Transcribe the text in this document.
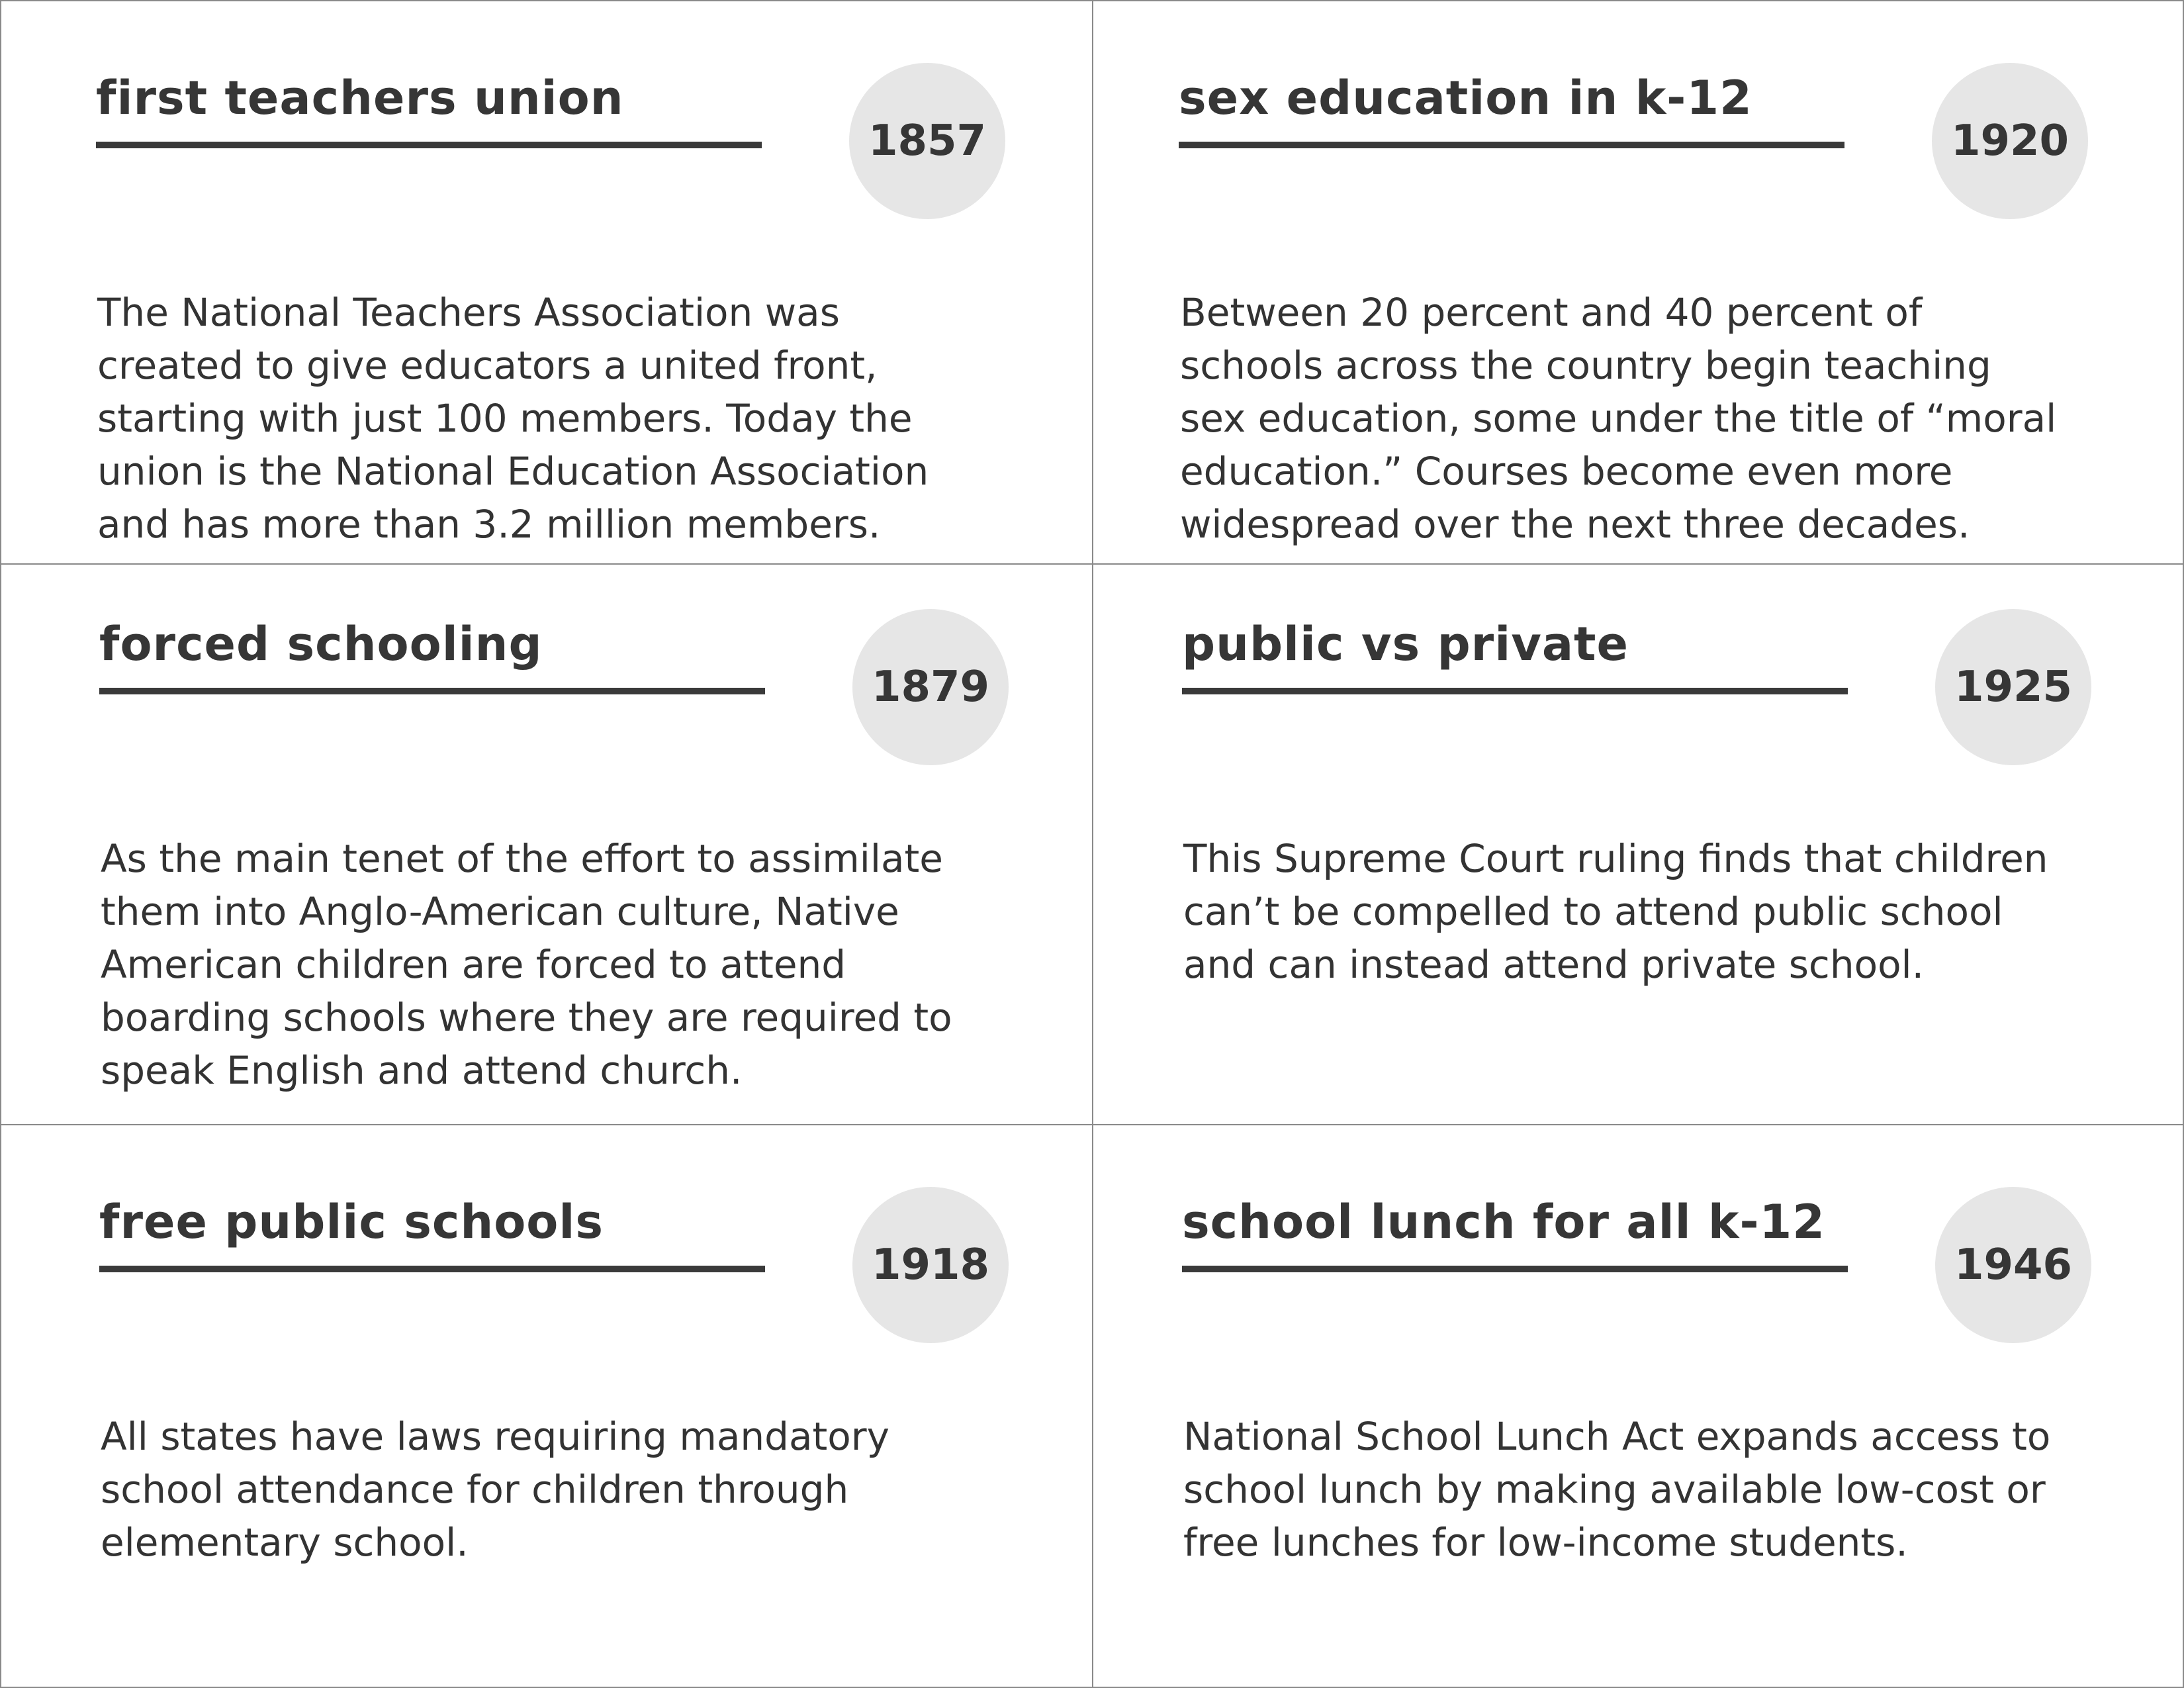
first teachers union
1857
The National Teachers Association was
created to give educators a united front,
starting with just 100 members. Today the
union is the National Education Association
and has more than 3.2 million members.
sex education in k-12
1920
Between 20 percent and 40 percent of
schools across the country begin teaching
sex education, some under the title of “moral
education.” Courses become even more
widespread over the next three decades.
forced schooling
1879
As the main tenet of the effort to assimilate
them into Anglo-American culture, Native
American children are forced to attend
boarding schools where they are required to
speak English and attend church.
public vs private
1925
This Supreme Court ruling finds that children
can’t be compelled to attend public school
and can instead attend private school.
free public schools
1918
All states have laws requiring mandatory
school attendance for children through
elementary school.
school lunch for all k-12
1946
National School Lunch Act expands access to
school lunch by making available low-cost or
free lunches for low-income students.
